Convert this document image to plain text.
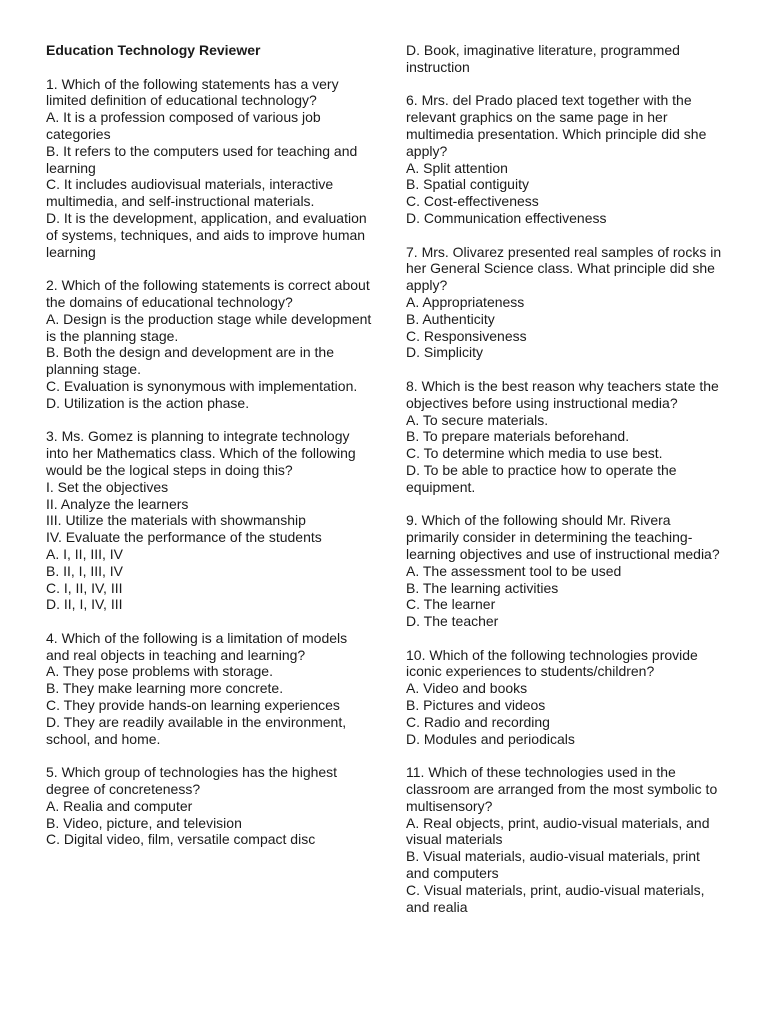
Education Technology Reviewer
1. Which of the following statements has a very limited definition of educational technology?
A. It is a profession composed of various job categories
B. It refers to the computers used for teaching and learning
C. It includes audiovisual materials, interactive multimedia, and self-instructional materials.
D. It is the development, application, and evaluation of systems, techniques, and aids to improve human learning
2. Which of the following statements is correct about the domains of educational technology?
A. Design is the production stage while development is the planning stage.
B. Both the design and development are in the planning stage.
C. Evaluation is synonymous with implementation.
D. Utilization is the action phase.
3. Ms. Gomez is planning to integrate technology into her Mathematics class. Which of the following would be the logical steps in doing this?
I. Set the objectives
II. Analyze the learners
III. Utilize the materials with showmanship
IV. Evaluate the performance of the students
A. I, II, III, IV
B. II, I, III, IV
C. I, II, IV, III
D. II, I, IV, III
4. Which of the following is a limitation of models and real objects in teaching and learning?
A. They pose problems with storage.
B. They make learning more concrete.
C. They provide hands-on learning experiences
D. They are readily available in the environment, school, and home.
5. Which group of technologies has the highest degree of concreteness?
A. Realia and computer
B. Video, picture, and television
C. Digital video, film, versatile compact disc
D. Book, imaginative literature, programmed instruction
6. Mrs. del Prado placed text together with the relevant graphics on the same page in her multimedia presentation. Which principle did she apply?
A. Split attention
B. Spatial contiguity
C. Cost-effectiveness
D. Communication effectiveness
7. Mrs. Olivarez presented real samples of rocks in her General Science class. What principle did she apply?
A. Appropriateness
B. Authenticity
C. Responsiveness
D. Simplicity
8. Which is the best reason why teachers state the objectives before using instructional media?
A. To secure materials.
B. To prepare materials beforehand.
C. To determine which media to use best.
D. To be able to practice how to operate the equipment.
9. Which of the following should Mr. Rivera primarily consider in determining the teaching-learning objectives and use of instructional media?
A. The assessment tool to be used
B. The learning activities
C. The learner
D. The teacher
10. Which of the following technologies provide iconic experiences to students/children?
A. Video and books
B. Pictures and videos
C. Radio and recording
D. Modules and periodicals
11. Which of these technologies used in the classroom are arranged from the most symbolic to multisensory?
A. Real objects, print, audio-visual materials, and visual materials
B. Visual materials, audio-visual materials, print and computers
C. Visual materials, print, audio-visual materials, and realia
